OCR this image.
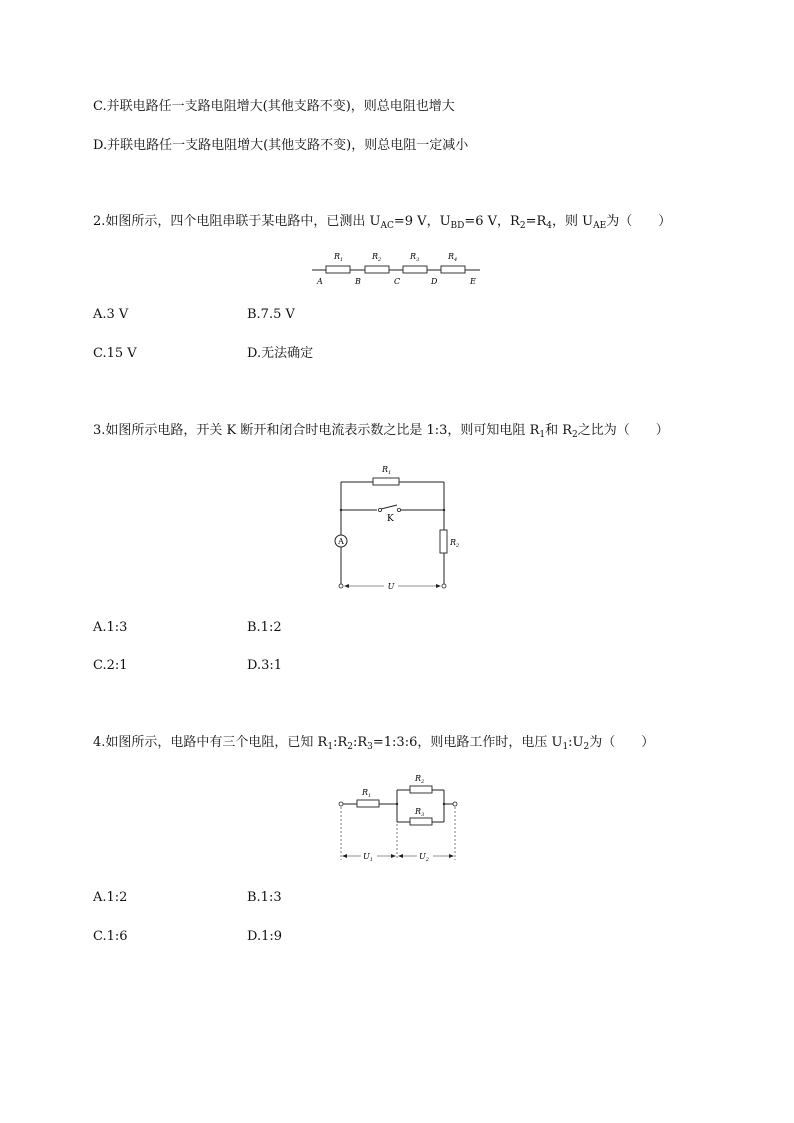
C.并联电路任一支路电阻增大(其他支路不变)，则总电阻也增大
D.并联电路任一支路电阻增大(其他支路不变)，则总电阻一定减小
2.如图所示，四个电阻串联于某电路中，已测出 $U_{AC}=9$ V，$U_{BD}=6$ V，$R_2=R_4$，则 $U_{AE}$为（　　）
$R_1$	$R_2$	$R_3$	$R_4$
A	B	C	D	E
A.3 V	B.7.5 V
C.15 V	D.无法确定
3.如图所示电路，开关 K 断开和闭合时电流表示数之比是 1:3，则可知电阻 $R_1$和 $R_2$之比为（　　）
A
U
$R_1$
$R_2$
K
A.1:3	B.1:2
C.2:1	D.3:1
4.如图所示，电路中有三个电阻，已知 $R_1:R_2:R_3=1:3:6$，则电路工作时，电压 $U_1:U_2$为（　　）
$U_1$	$U_2$
$R_1$
$R_2$
$R_3$
A.1:2	B.1:3
C.1:6	D.1:9
